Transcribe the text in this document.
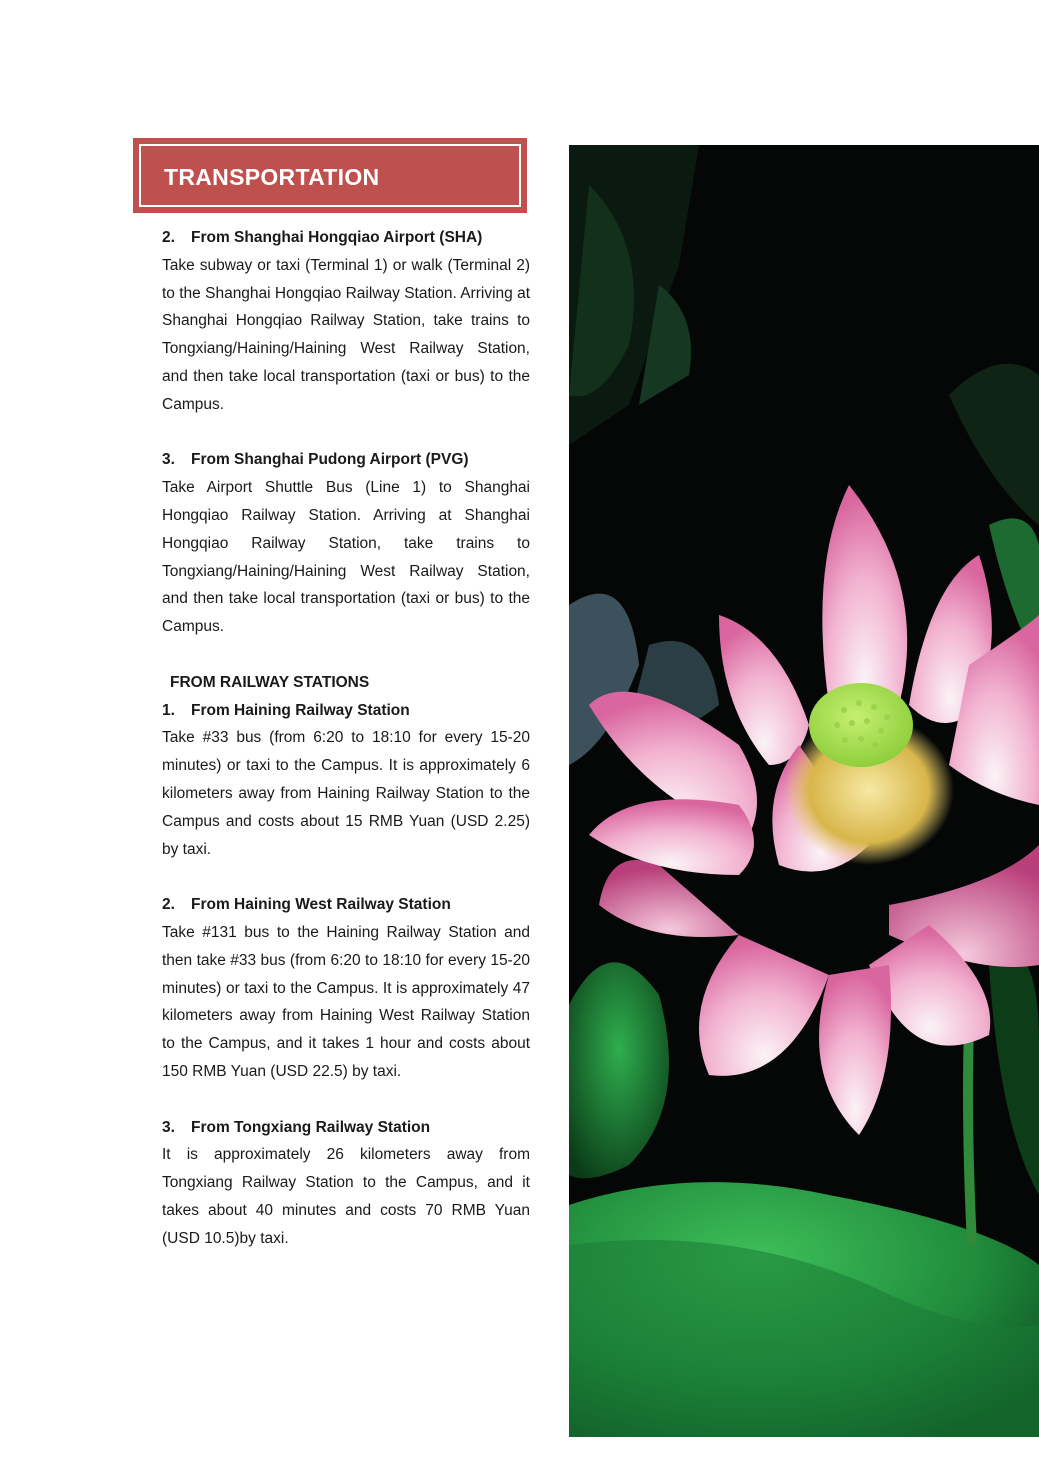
TRANSPORTATION
2.	From Shanghai Hongqiao Airport (SHA)
Take subway or taxi (Terminal 1) or walk (Terminal 2) to the Shanghai Hongqiao Railway Station. Arriving at Shanghai Hongqiao Railway Station, take trains to Tongxiang/Haining/Haining West Railway Station, and then take local transportation (taxi or bus) to the Campus.
3.	From Shanghai Pudong Airport (PVG)
Take Airport Shuttle Bus (Line 1) to Shanghai Hongqiao Railway Station. Arriving at Shanghai Hongqiao Railway Station, take trains to Tongxiang/Haining/Haining West Railway Station, and then take local transportation (taxi or bus) to the Campus.
FROM RAILWAY STATIONS
1.	From Haining Railway Station
Take #33 bus (from 6:20 to 18:10 for every 15-20 minutes) or taxi to the Campus. It is approximately 6 kilometers away from Haining Railway Station to the Campus and costs about 15 RMB Yuan (USD 2.25) by taxi.
2.	From Haining West Railway Station
Take #131 bus to the Haining Railway Station and then take #33 bus (from 6:20 to 18:10 for every 15-20 minutes) or taxi to the Campus. It is approximately 47 kilometers away from Haining West Railway Station to the Campus, and it takes 1 hour and costs about 150 RMB Yuan (USD 22.5) by taxi.
3.	From Tongxiang Railway Station
It is approximately 26 kilometers away from Tongxiang Railway Station to the Campus, and it takes about 40 minutes and costs 70 RMB Yuan (USD 10.5)by taxi.
